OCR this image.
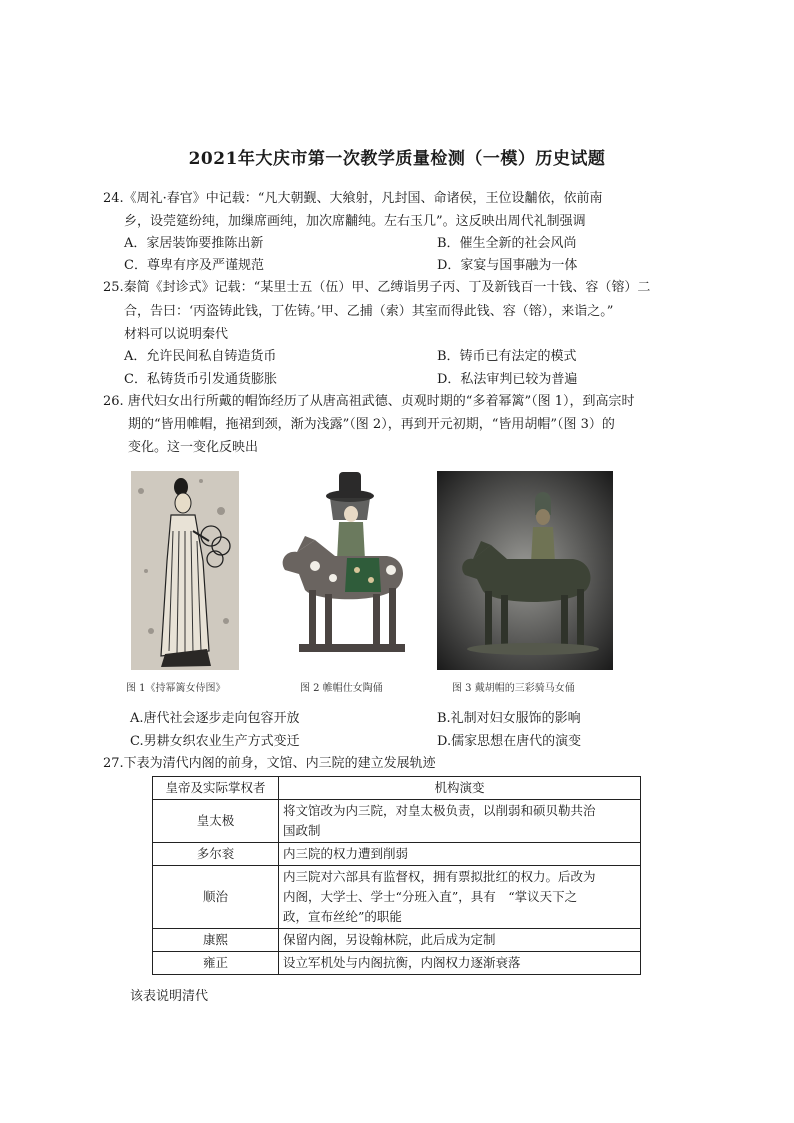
2021年大庆市第一次教学质量检测（一模）历史试题
24.《周礼·春官》中记载：“凡大朝觐、大飨射，凡封国、命诸侯，王位设黼依，依前南
乡，设莞筵纷纯，加缫席画纯，加次席黼纯。左右玉几”。这反映出周代礼制强调
A．家居装饰要推陈出新	B．催生全新的社会风尚
C．尊卑有序及严谨规范	D．家宴与国事融为一体
25.秦简《封诊式》记载：“某里士五（伍）甲、乙缚诣男子丙、丁及新钱百一十钱、容（镕）二
合，告曰：‘丙盗铸此钱，丁佐铸。’甲、乙捕（索）其室而得此钱、容（镕），来诣之。”
材料可以说明秦代
A．允许民间私自铸造货币	B．铸币已有法定的模式
C．私铸货币引发通货膨胀	D．私法审判已较为普遍
26. 唐代妇女出行所戴的帽饰经历了从唐高祖武德、贞观时期的“多着幂篱”（图 1），到高宗时
期的“皆用帷帽，拖裙到颈，渐为浅露”（图 2），再到开元初期，“皆用胡帽”（图 3）的
变化。这一变化反映出
图 1《持幂篱女侍图》	图 2 帷帽仕女陶俑	图 3 戴胡帽的三彩骑马女俑
A.唐代社会逐步走向包容开放	B.礼制对妇女服饰的影响
C.男耕女织农业生产方式变迁	D.儒家思想在唐代的演变
27.下表为清代内阁的前身，文馆、内三院的建立发展轨迹
皇帝及实际掌权者	机构演变
皇太极	将文馆改为内三院，对皇太极负责，以削弱和硕贝勒共治
国政制

多尔衮	内三院的权力遭到削弱

顺治	内三院对六部具有监督权，拥有票拟批红的权力。后改为
内阁，大学士、学士“分班入直”，具有　“掌议天下之
政，宣布丝纶”的职能

康熙	保留内阁，另设翰林院，此后成为定制

雍正	设立军机处与内阁抗衡，内阁权力逐渐衰落
该表说明清代
